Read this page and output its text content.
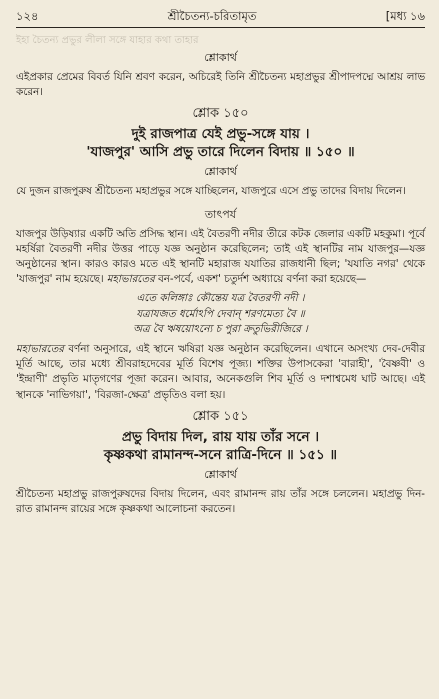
১২৪	শ্রীচৈতন্য-চরিতামৃত	[মধ্য ১৬
ইহা চৈতন্য প্রভুর লীলা সঙ্গে যাহার কথা তাহার
শ্লোকার্থ
এইপ্রকার প্রেমের বিবর্ত যিনি শ্রবণ করেন, অচিরেই তিনি শ্রীচৈতন্য মহাপ্রভুর শ্রীপাদপদ্মে আশ্রয় লাভ করেন।
শ্লোক ১৫০
দুই রাজপাত্র যেই প্রভু-সঙ্গে যায় ।
'যাজপুর' আসি প্রভু তারে দিলেন বিদায় ॥ ১৫০ ॥
শ্লোকার্থ
যে দুজন রাজপুরুষ শ্রীচৈতন্য মহাপ্রভুর সঙ্গে যাচ্ছিলেন, যাজপুরে এসে প্রভু তাদের বিদায় দিলেন।
তাৎপর্য
যাজপুর উড়িষ্যার একটি অতি প্রসিদ্ধ স্থান। এই বৈতরণী নদীর তীরে কটক জেলার একটি মহকুমা। পূর্বে মহর্ষিরা বৈতরণী নদীর উত্তর পাড়ে যজ্ঞ অনুষ্ঠান করেছিলেন; তাই এই স্থানটির নাম যাজপুর—যজ্ঞ অনুষ্ঠানের স্থান। কারও কারও মতে এই স্থানটি মহারাজ যযাতির রাজধানী ছিল; 'যযাতি নগর' থেকে 'যাজপুর' নাম হয়েছে। মহাভারতের বন-পর্বে, একশ' চতুর্দশ অধ্যায়ে বর্ণনা করা হয়েছে—
এতে কলিঙ্গাঃ কৌন্তেয় যত্র বৈতরণী নদী ।
যত্রাযজত ধর্মোঽপি দেবান্ শরণমেত্য বৈ ॥
অত্র বৈ ঋষয়োঽন্যে চ পুরা ক্রতুভিরীজিরে ।
মহাভারতের বর্ণনা অনুসারে, এই স্থানে ঋষিরা যজ্ঞ অনুষ্ঠান করেছিলেন। এখানে অসংখ্য দেব-দেবীর মূর্তি আছে, তার মধ্যে শ্রীবরাহদেবের মূর্তি বিশেষ পূজ্য। শক্তির উপাসকেরা 'বারাহী', 'বৈষ্ণবী' ও 'ইন্দ্রাণী' প্রভৃতি মাতৃগণের পূজা করেন। আবার, অনেকগুলি শিব মূর্তি ও দশাশ্বমেধ ঘাট আছে। এই স্থানকে 'নাভিগয়া', 'বিরজা-ক্ষেত্র' প্রভৃতিও বলা হয়।
শ্লোক ১৫১
প্রভু বিদায় দিল, রায় যায় তাঁর সনে ।
কৃষ্ণকথা রামানন্দ-সনে রাত্রি-দিনে ॥ ১৫১ ॥
শ্লোকার্থ
শ্রীচৈতন্য মহাপ্রভু রাজপুরুষদের বিদায় দিলেন, এবং রামানন্দ রায় তাঁর সঙ্গে চললেন। মহাপ্রভু দিন-রাত রামানন্দ রায়ের সঙ্গে কৃষ্ণকথা আলোচনা করতেন।
